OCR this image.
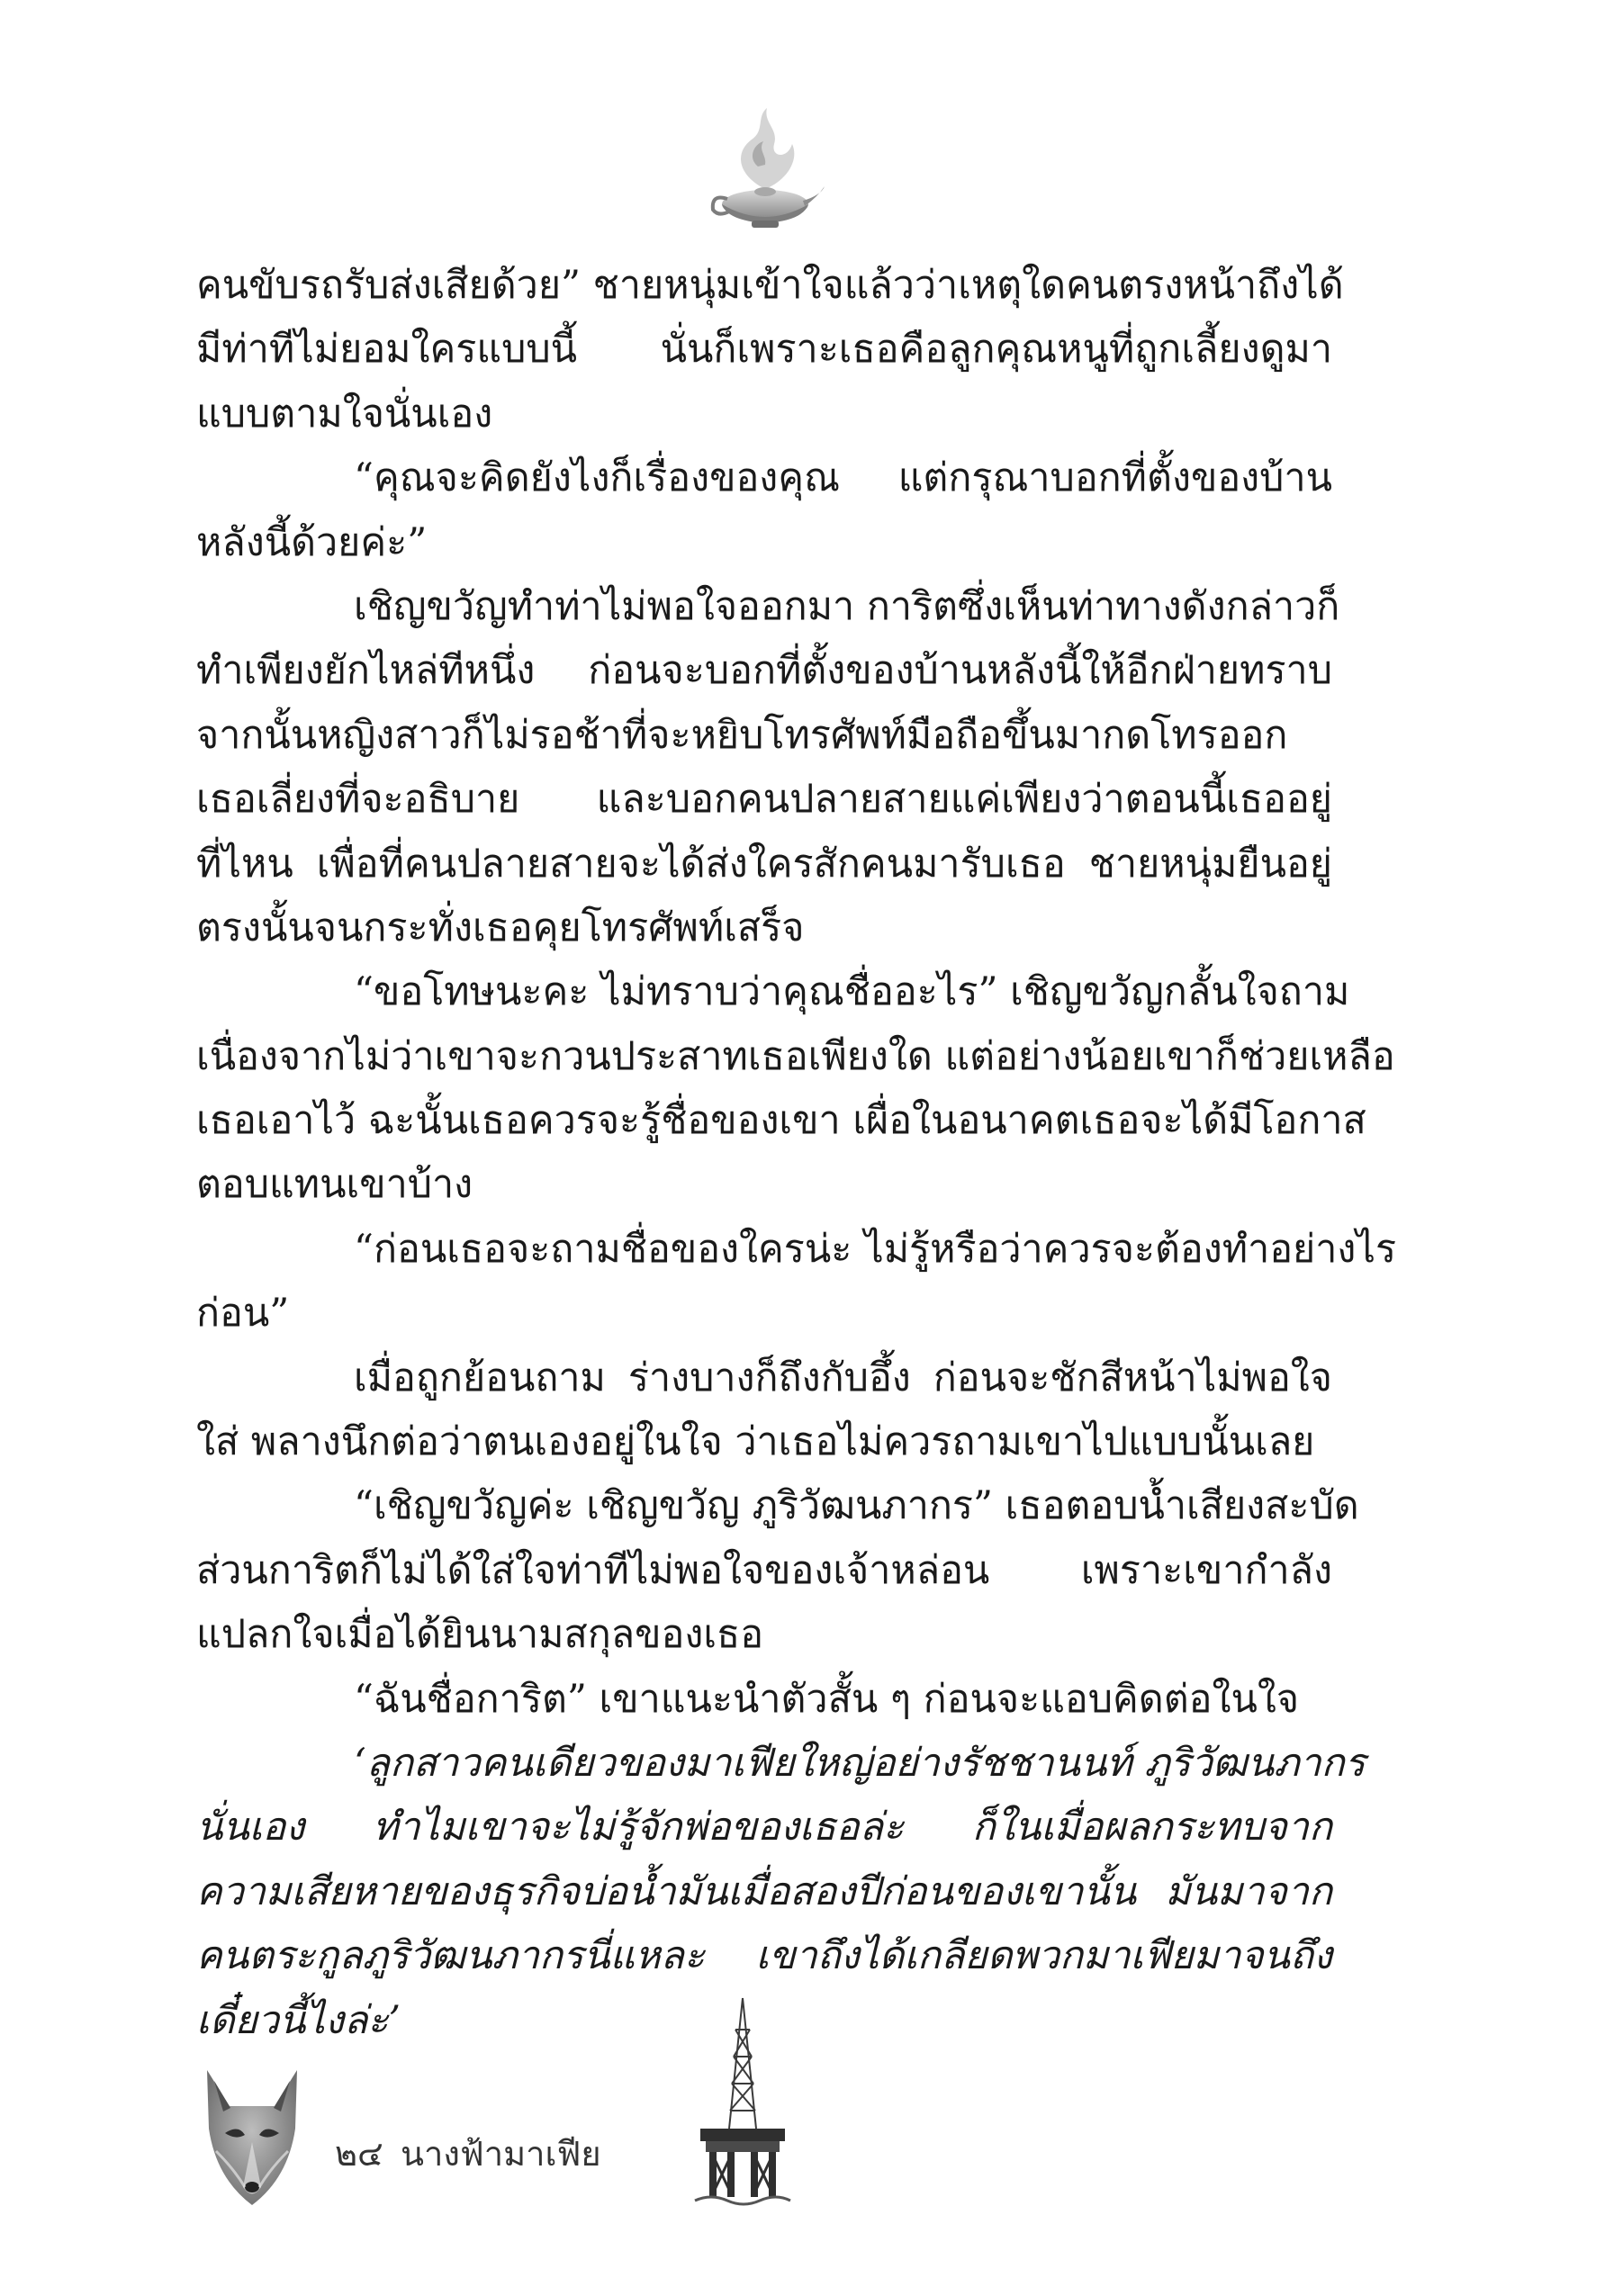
คนขับรถรับส่งเสียด้วย” ชายหนุ่มเข้าใจแล้วว่าเหตุใดคนตรงหน้าถึงได้
มีท่าทีไม่ยอมใครแบบนี้ นั่นก็เพราะเธอคือลูกคุณหนูที่ถูกเลี้ยงดูมา
แบบตามใจนั่นเอง
“คุณจะคิดยังไงก็เรื่องของคุณ แต่กรุณาบอกที่ตั้งของบ้าน
หลังนี้ด้วยค่ะ”
เชิญขวัญทำท่าไม่พอใจออกมา การิตซึ่งเห็นท่าทางดังกล่าวก็
ทำเพียงยักไหล่ทีหนึ่ง ก่อนจะบอกที่ตั้งของบ้านหลังนี้ให้อีกฝ่ายทราบ
จากนั้นหญิงสาวก็ไม่รอช้าที่จะหยิบโทรศัพท์มือถือขึ้นมากดโทรออก
เธอเลี่ยงที่จะอธิบาย และบอกคนปลายสายแค่เพียงว่าตอนนี้เธออยู่
ที่ไหน เพื่อที่คนปลายสายจะได้ส่งใครสักคนมารับเธอ ชายหนุ่มยืนอยู่
ตรงนั้นจนกระทั่งเธอคุยโทรศัพท์เสร็จ
“ขอโทษนะคะ ไม่ทราบว่าคุณชื่ออะไร” เชิญขวัญกลั้นใจถาม
เนื่องจากไม่ว่าเขาจะกวนประสาทเธอเพียงใด แต่อย่างน้อยเขาก็ช่วยเหลือ
เธอเอาไว้ ฉะนั้นเธอควรจะรู้ชื่อของเขา เผื่อในอนาคตเธอจะได้มีโอกาส
ตอบแทนเขาบ้าง
“ก่อนเธอจะถามชื่อของใครน่ะ ไม่รู้หรือว่าควรจะต้องทำอย่างไร
ก่อน”
เมื่อถูกย้อนถาม ร่างบางก็ถึงกับอึ้ง ก่อนจะชักสีหน้าไม่พอใจ
ใส่ พลางนึกต่อว่าตนเองอยู่ในใจ ว่าเธอไม่ควรถามเขาไปแบบนั้นเลย
“เชิญขวัญค่ะ เชิญขวัญ ภูริวัฒนภากร” เธอตอบน้ำเสียงสะบัด
ส่วนการิตก็ไม่ได้ใส่ใจท่าทีไม่พอใจของเจ้าหล่อน เพราะเขากำลัง
แปลกใจเมื่อได้ยินนามสกุลของเธอ
“ฉันชื่อการิต” เขาแนะนำตัวสั้น ๆ ก่อนจะแอบคิดต่อในใจ
‘ลูกสาวคนเดียวของมาเฟียใหญ่อย่างรัชชานนท์ ภูริวัฒนภากร
นั่นเอง ทำไมเขาจะไม่รู้จักพ่อของเธอล่ะ ก็ในเมื่อผลกระทบจาก
ความเสียหายของธุรกิจบ่อน้ำมันเมื่อสองปีก่อนของเขานั้น มันมาจาก
คนตระกูลภูริวัฒนภากรนี่แหละ เขาถึงได้เกลียดพวกมาเฟียมาจนถึง
เดี๋ยวนี้ไงล่ะ’
๒๔ นางฟ้ามาเฟีย
